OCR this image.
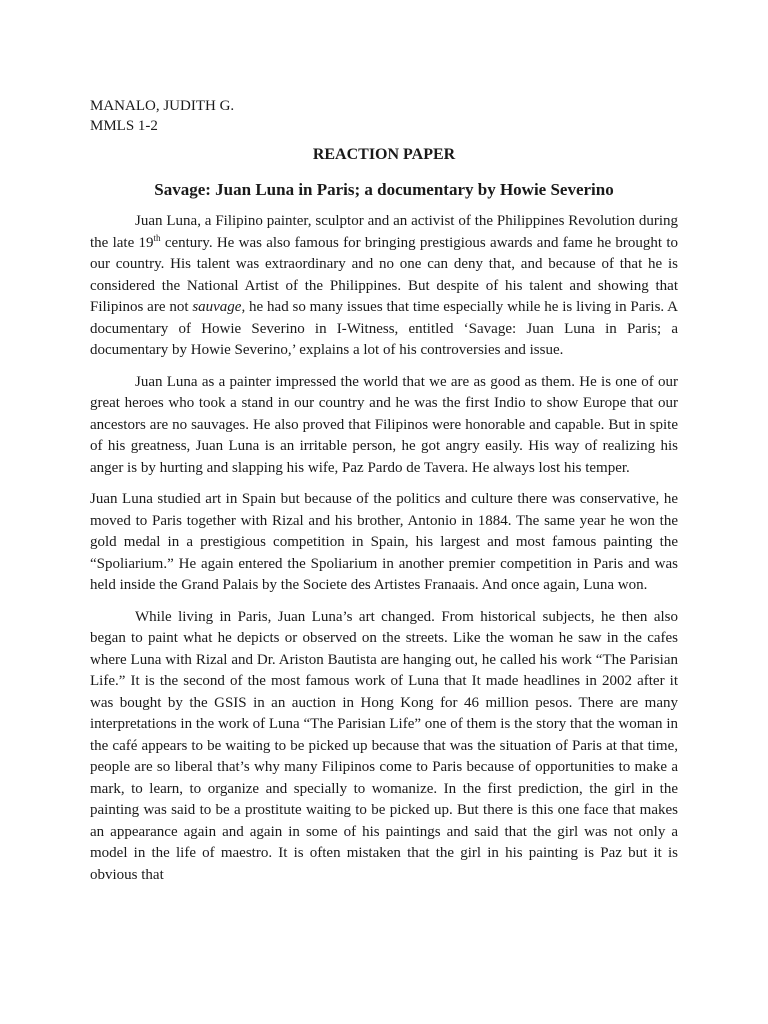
MANALO, JUDITH G.
MMLS 1-2
REACTION PAPER
Savage: Juan Luna in Paris; a documentary by Howie Severino

Juan Luna, a Filipino painter, sculptor and an activist of the Philippines Revolution during the late 19th century. He was also famous for bringing prestigious awards and fame he brought to our country. His talent was extraordinary and no one can deny that, and because of that he is considered the National Artist of the Philippines. But despite of his talent and showing that Filipinos are not sauvage, he had so many issues that time especially while he is living in Paris. A documentary of Howie Severino in I-Witness, entitled ‘Savage: Juan Luna in Paris; a documentary by Howie Severino,’ explains a lot of his controversies and issue.

Juan Luna as a painter impressed the world that we are as good as them. He is one of our great heroes who took a stand in our country and he was the first Indio to show Europe that our ancestors are no sauvages. He also proved that Filipinos were honorable and capable. But in spite of his greatness, Juan Luna is an irritable person, he got angry easily. His way of realizing his anger is by hurting and slapping his wife, Paz Pardo de Tavera. He always lost his temper.

Juan Luna studied art in Spain but because of the politics and culture there was conservative, he moved to Paris together with Rizal and his brother, Antonio in 1884. The same year he won the gold medal in a prestigious competition in Spain, his largest and most famous painting the “Spoliarium.” He again entered the Spoliarium in another premier competition in Paris and was held inside the Grand Palais by the Societe des Artistes Franaais. And once again, Luna won.

While living in Paris, Juan Luna’s art changed. From historical subjects, he then also began to paint what he depicts or observed on the streets. Like the woman he saw in the cafes where Luna with Rizal and Dr. Ariston Bautista are hanging out, he called his work “The Parisian Life.” It is the second of the most famous work of Luna that It made headlines in 2002 after it was bought by the GSIS in an auction in Hong Kong for 46 million pesos. There are many interpretations in the work of Luna “The Parisian Life” one of them is the story that the woman in the café appears to be waiting to be picked up because that was the situation of Paris at that time, people are so liberal that’s why many Filipinos come to Paris because of opportunities to make a mark, to learn, to organize and specially to womanize. In the first prediction, the girl in the painting was said to be a prostitute waiting to be picked up. But there is this one face that makes an appearance again and again in some of his paintings and said that the girl was not only a model in the life of maestro. It is often mistaken that the girl in his painting is Paz but it is obvious that
